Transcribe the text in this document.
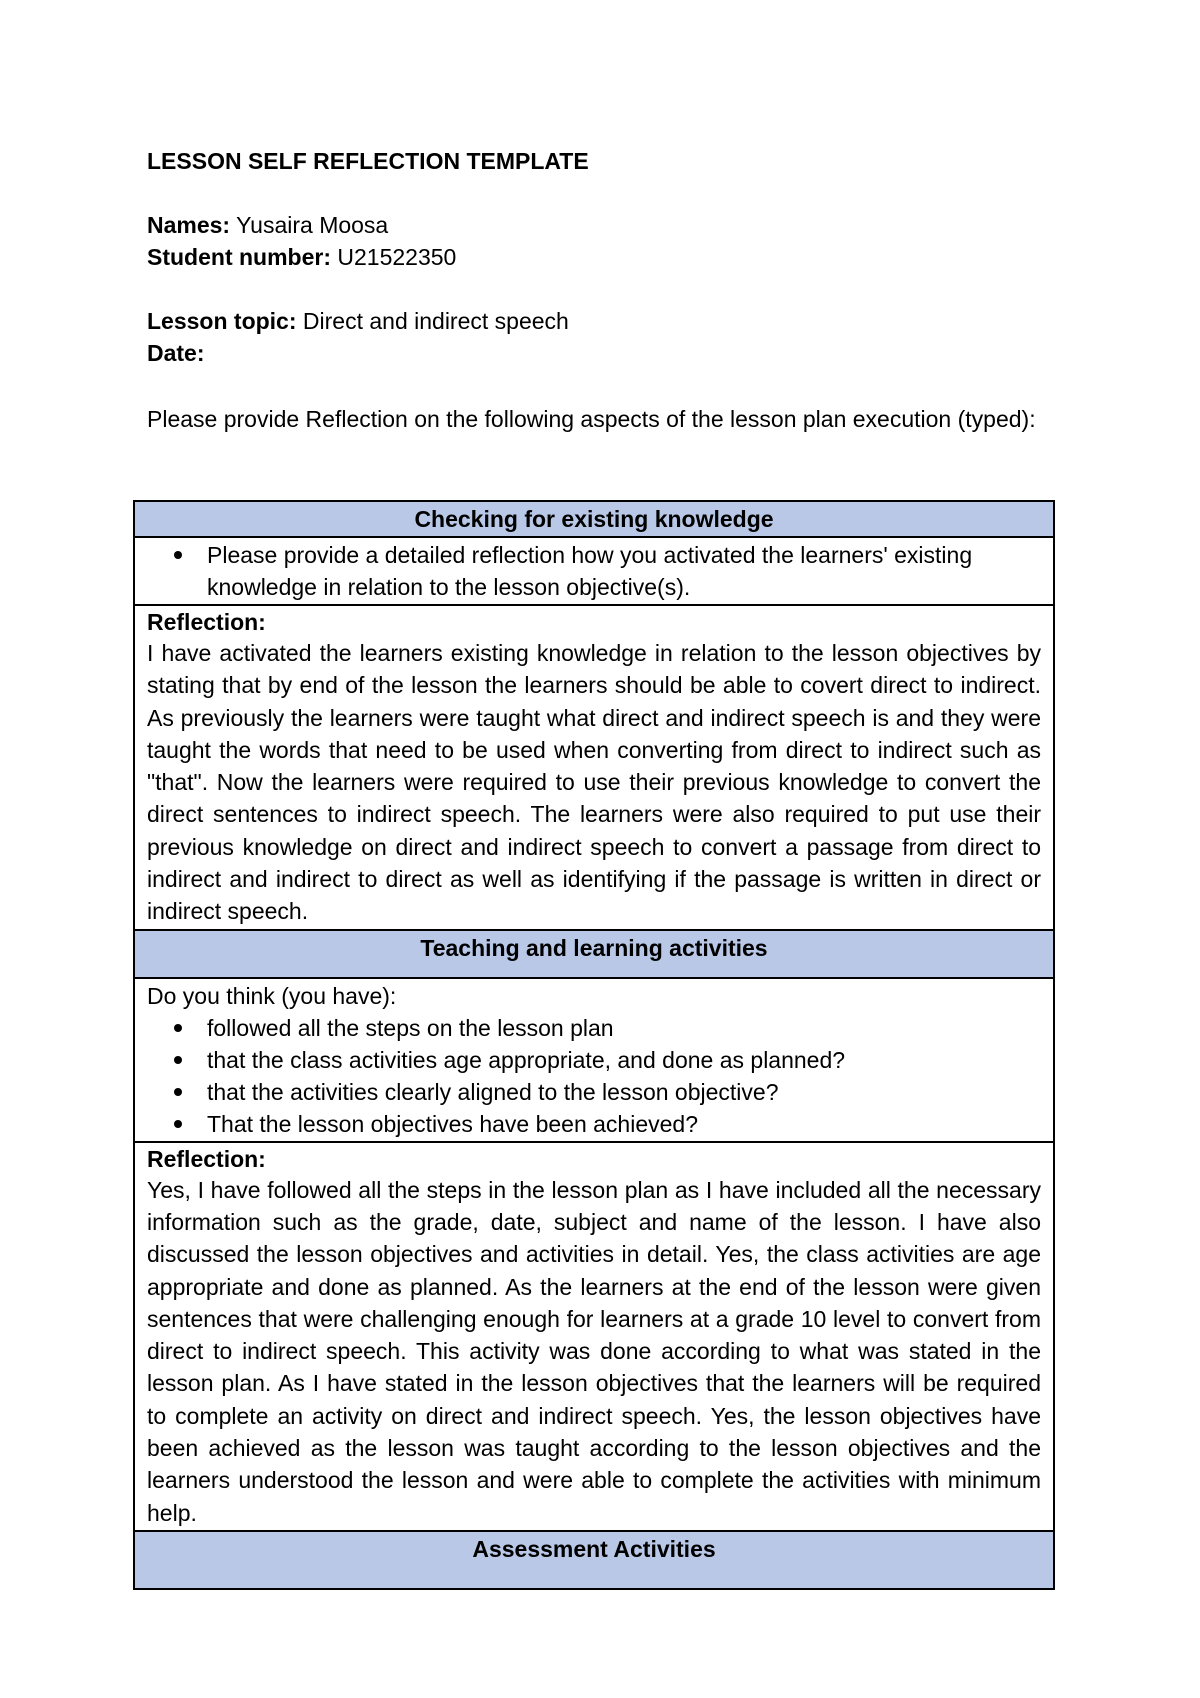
LESSON SELF REFLECTION TEMPLATE
Names: Yusaira Moosa
Student number: U21522350
Lesson topic: Direct and indirect speech
Date:
Please provide Reflection on the following aspects of the lesson plan execution (typed):
Checking for existing knowledge

Please provide a detailed reflection how you activated the learners' existing knowledge in relation to the lesson objective(s).

Reflection:
I have activated the learners existing knowledge in relation to the lesson objectives by stating that by end of the lesson the learners should be able to covert direct to indirect. As previously the learners were taught what direct and indirect speech is and they were taught the words that need to be used when converting from direct to indirect such as "that". Now the learners were required to use their previous knowledge to convert the direct sentences to indirect speech. The learners were also required to put use their previous knowledge on direct and indirect speech to convert a passage from direct to indirect and indirect to direct as well as identifying if the passage is written in direct or indirect speech.

Teaching and learning activities

Do you think (you have):
followed all the steps on the lesson plan
that the class activities age appropriate, and done as planned?
that the activities clearly aligned to the lesson objective?
That the lesson objectives have been achieved?

Reflection:
Yes, I have followed all the steps in the lesson plan as I have included all the necessary information such as the grade, date, subject and name of the lesson. I have also discussed the lesson objectives and activities in detail. Yes, the class activities are age appropriate and done as planned. As the learners at the end of the lesson were given sentences that were challenging enough for learners at a grade 10 level to convert from direct to indirect speech. This activity was done according to what was stated in the lesson plan. As I have stated in the lesson objectives that the learners will be required to complete an activity on direct and indirect speech. Yes, the lesson objectives have been achieved as the lesson was taught according to the lesson objectives and the learners understood the lesson and were able to complete the activities with minimum help.

Assessment Activities
